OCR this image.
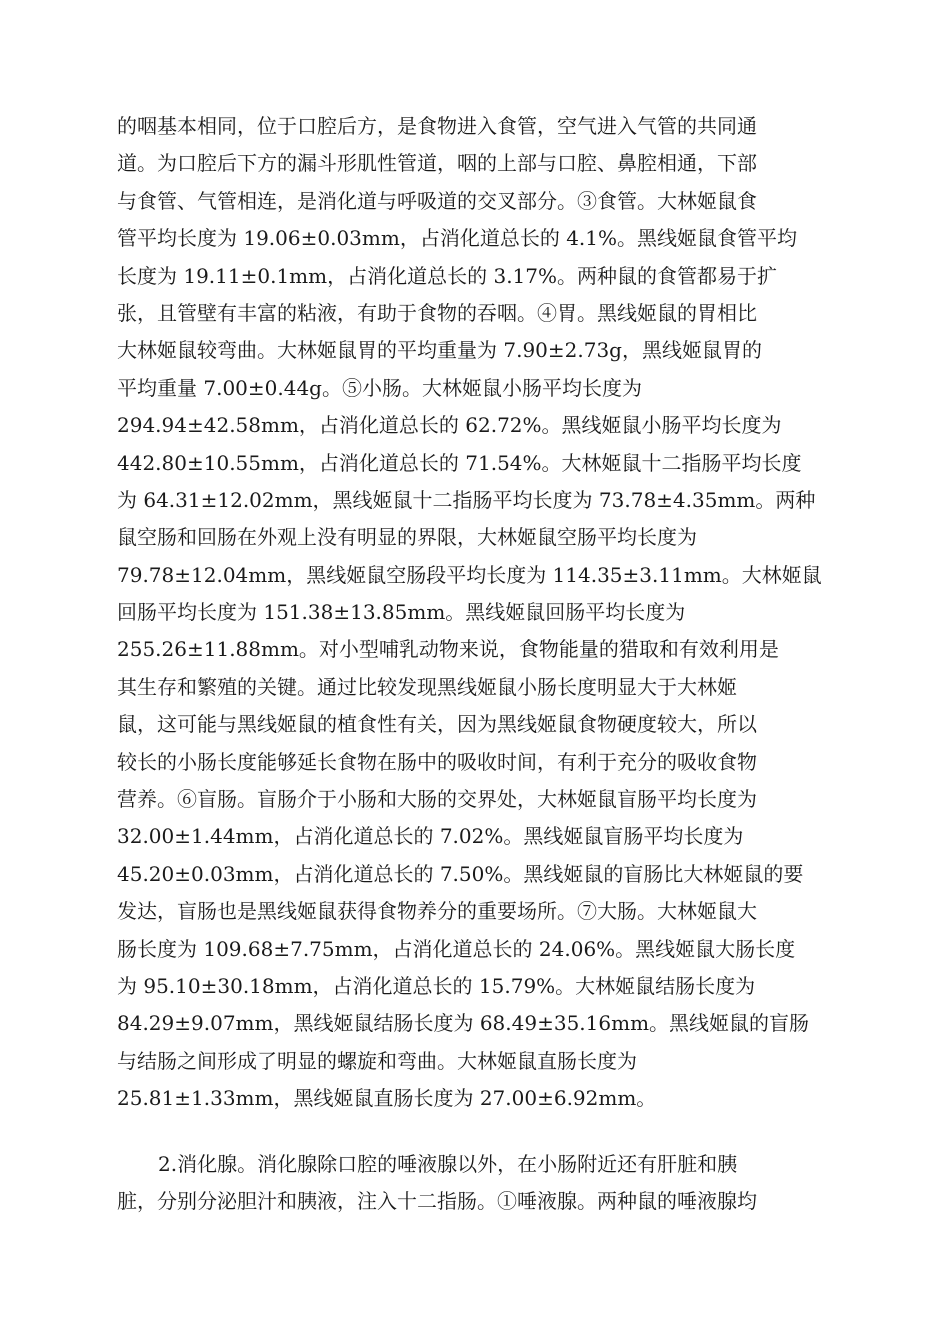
的咽基本相同，位于口腔后方，是食物进入食管，空气进入气管的共同通
道。为口腔后下方的漏斗形肌性管道，咽的上部与口腔、鼻腔相通，下部
与食管、气管相连，是消化道与呼吸道的交叉部分。③食管。大林姬鼠食
管平均长度为 19.06±0.03mm，占消化道总长的 4.1%。黑线姬鼠食管平均
长度为 19.11±0.1mm，占消化道总长的 3.17%。两种鼠的食管都易于扩
张，且管壁有丰富的粘液，有助于食物的吞咽。④胃。黑线姬鼠的胃相比
大林姬鼠较弯曲。大林姬鼠胃的平均重量为 7.90±2.73g，黑线姬鼠胃的
平均重量 7.00±0.44g。⑤小肠。大林姬鼠小肠平均长度为
294.94±42.58mm，占消化道总长的 62.72%。黑线姬鼠小肠平均长度为
442.80±10.55mm，占消化道总长的 71.54%。大林姬鼠十二指肠平均长度
为 64.31±12.02mm，黑线姬鼠十二指肠平均长度为 73.78±4.35mm。两种
鼠空肠和回肠在外观上没有明显的界限，大林姬鼠空肠平均长度为
79.78±12.04mm，黑线姬鼠空肠段平均长度为 114.35±3.11mm。大林姬鼠
回肠平均长度为 151.38±13.85mm。黑线姬鼠回肠平均长度为
255.26±11.88mm。对小型哺乳动物来说，食物能量的猎取和有效利用是
其生存和繁殖的关键。通过比较发现黑线姬鼠小肠长度明显大于大林姬
鼠，这可能与黑线姬鼠的植食性有关，因为黑线姬鼠食物硬度较大，所以
较长的小肠长度能够延长食物在肠中的吸收时间，有利于充分的吸收食物
营养。⑥盲肠。盲肠介于小肠和大肠的交界处，大林姬鼠盲肠平均长度为
32.00±1.44mm，占消化道总长的 7.02%。黑线姬鼠盲肠平均长度为
45.20±0.03mm，占消化道总长的 7.50%。黑线姬鼠的盲肠比大林姬鼠的要
发达，盲肠也是黑线姬鼠获得食物养分的重要场所。⑦大肠。大林姬鼠大
肠长度为 109.68±7.75mm，占消化道总长的 24.06%。黑线姬鼠大肠长度
为 95.10±30.18mm，占消化道总长的 15.79%。大林姬鼠结肠长度为
84.29±9.07mm，黑线姬鼠结肠长度为 68.49±35.16mm。黑线姬鼠的盲肠
与结肠之间形成了明显的螺旋和弯曲。大林姬鼠直肠长度为
25.81±1.33mm，黑线姬鼠直肠长度为 27.00±6.92mm。
2.消化腺。消化腺除口腔的唾液腺以外，在小肠附近还有肝脏和胰
脏，分别分泌胆汁和胰液，注入十二指肠。①唾液腺。两种鼠的唾液腺均
